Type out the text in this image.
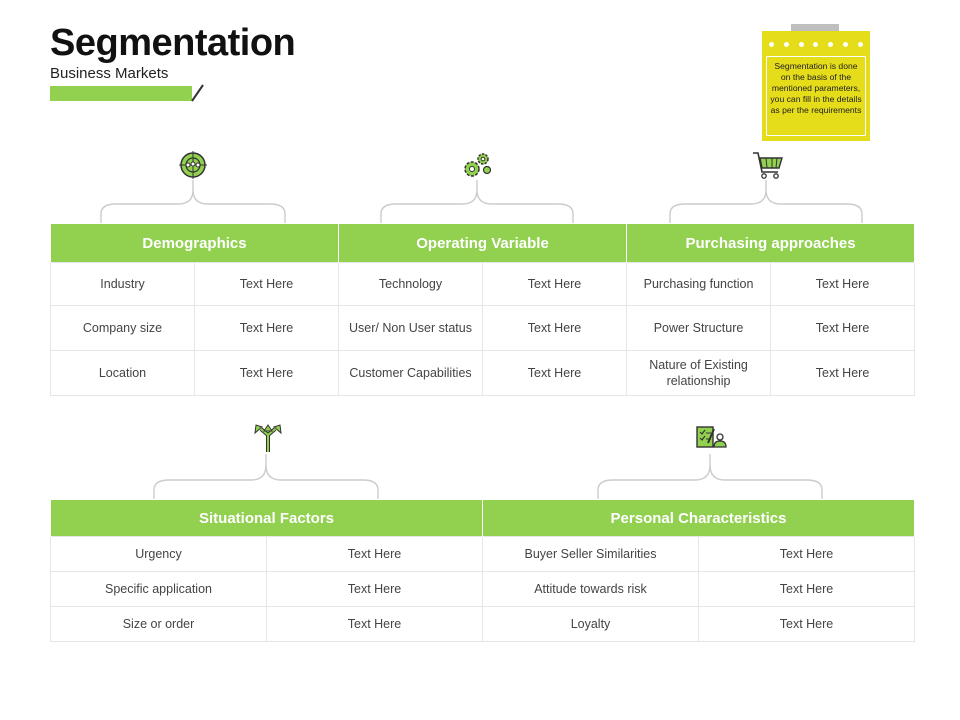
Segmentation
Business Markets	Segmentation is done on the basis of the mentioned parameters, you can fill in the details as per the requirements
Demographics		Operating Variable		Purchasing approaches	
Industry	Text Here	Technology	Text Here	Purchasing function	Text Here
Company size	Text Here	User/ Non User status	Text Here	Power Structure	Text Here
Location	Text Here	Customer Capabilities	Text Here	Nature of Existing relationship	Text Here
Situational Factors		Personal Characteristics	
Urgency	Text Here	Buyer Seller Similarities	Text Here
Specific application	Text Here	Attitude towards risk	Text Here
Size or order	Text Here	Loyalty	Text Here
